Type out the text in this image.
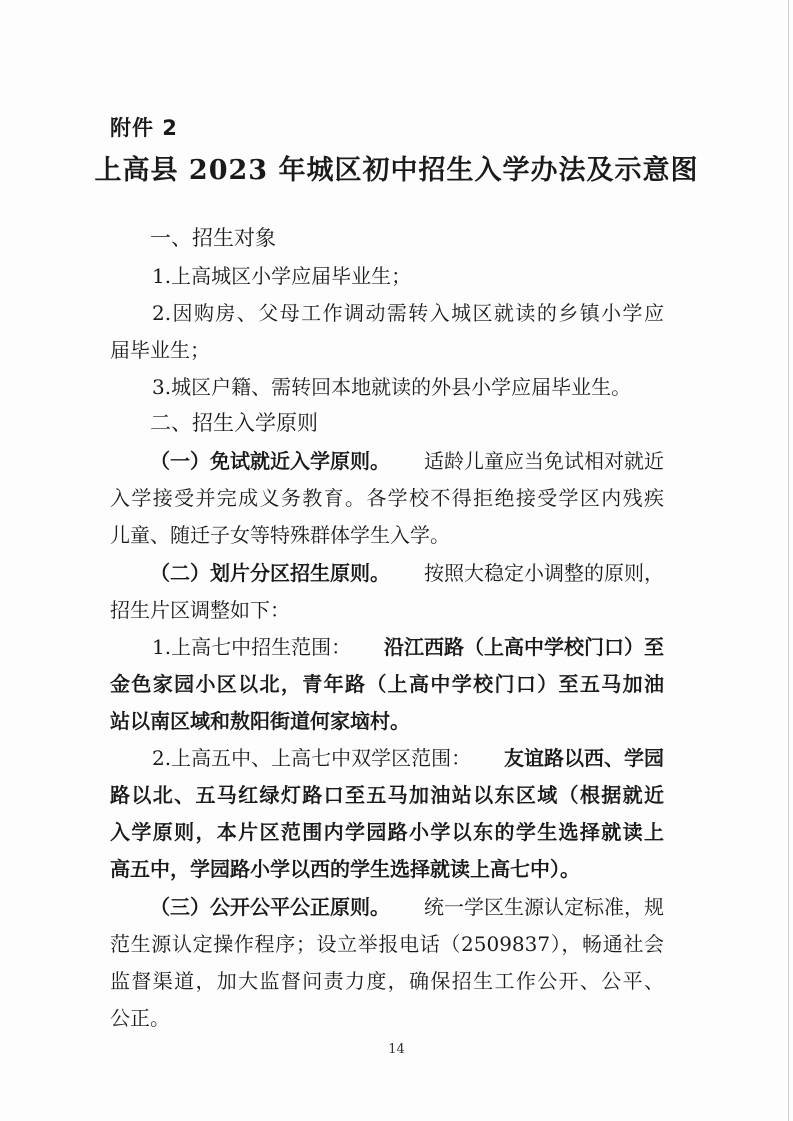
附件 2
上高县 2023 年城区初中招生入学办法及示意图
一、招生对象
1.上高城区小学应届毕业生；
2.因购房、父母工作调动需转入城区就读的乡镇小学应
届毕业生；
3.城区户籍、需转回本地就读的外县小学应届毕业生。
二、招生入学原则
（一）免试就近入学原则。 适龄儿童应当免试相对就近
入学接受并完成义务教育。各学校不得拒绝接受学区内残疾
儿童、随迁子女等特殊群体学生入学。
（二）划片分区招生原则。 按照大稳定小调整的原则，
招生片区调整如下：
1.上高七中招生范围： 沿江西路（上高中学校门口）至
金色家园小区以北，青年路（上高中学校门口）至五马加油
站以南区域和敖阳街道何家垴村。
2.上高五中、上高七中双学区范围： 友谊路以西、学园
路以北、五马红绿灯路口至五马加油站以东区域（根据就近
入学原则，本片区范围内学园路小学以东的学生选择就读上
高五中，学园路小学以西的学生选择就读上高七中）。
（三）公开公平公正原则。 统一学区生源认定标准，规
范生源认定操作程序；设立举报电话（2509837），畅通社会
监督渠道，加大监督问责力度，确保招生工作公开、公平、
公正。
14
